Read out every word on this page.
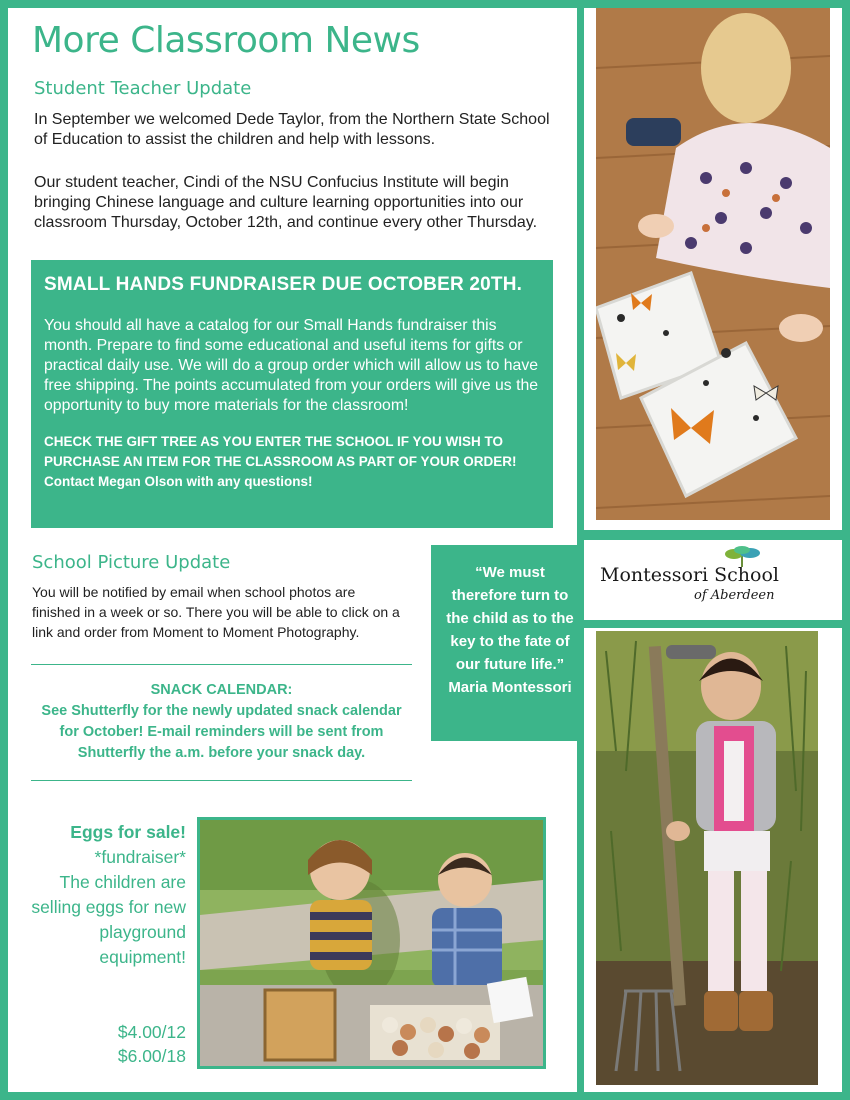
More Classroom News
Student Teacher Update

In September we welcomed Dede Taylor, from the Northern State School of Education to assist the children and help with lessons.

Our student teacher, Cindi of the NSU Confucius Institute will begin bringing Chinese language and culture learning opportunities into our classroom Thursday, October 12th, and continue every other Thursday.

SMALL HANDS FUNDRAISER DUE OCTOBER 20TH.

You should all have a catalog for our Small Hands fundraiser this month. Prepare to find some educational and useful items for gifts or practical daily use. We will do a group order which will allow us to have free shipping. The points accumulated from your orders will give us the opportunity to buy more materials for the classroom!

CHECK THE GIFT TREE AS YOU ENTER THE SCHOOL IF YOU WISH TO PURCHASE AN ITEM FOR THE CLASSROOM AS PART OF YOUR ORDER!
Contact Megan Olson with any questions!
School Picture Update

You will be notified by email when school photos are finished in a week or so. There you will be able to click on a link and order from Moment to Moment Photography.

SNACK CALENDAR:
See Shutterfly for the newly updated snack calendar for October! E-mail reminders will be sent from Shutterfly the a.m. before your snack day.
“We must therefore turn to the child as to the key to the fate of our future life.”
Maria Montessori
Eggs for sale!
*fundraiser*
The children are selling eggs for new playground equipment!
$4.00/12
$6.00/18
Montessori School
of Aberdeen
